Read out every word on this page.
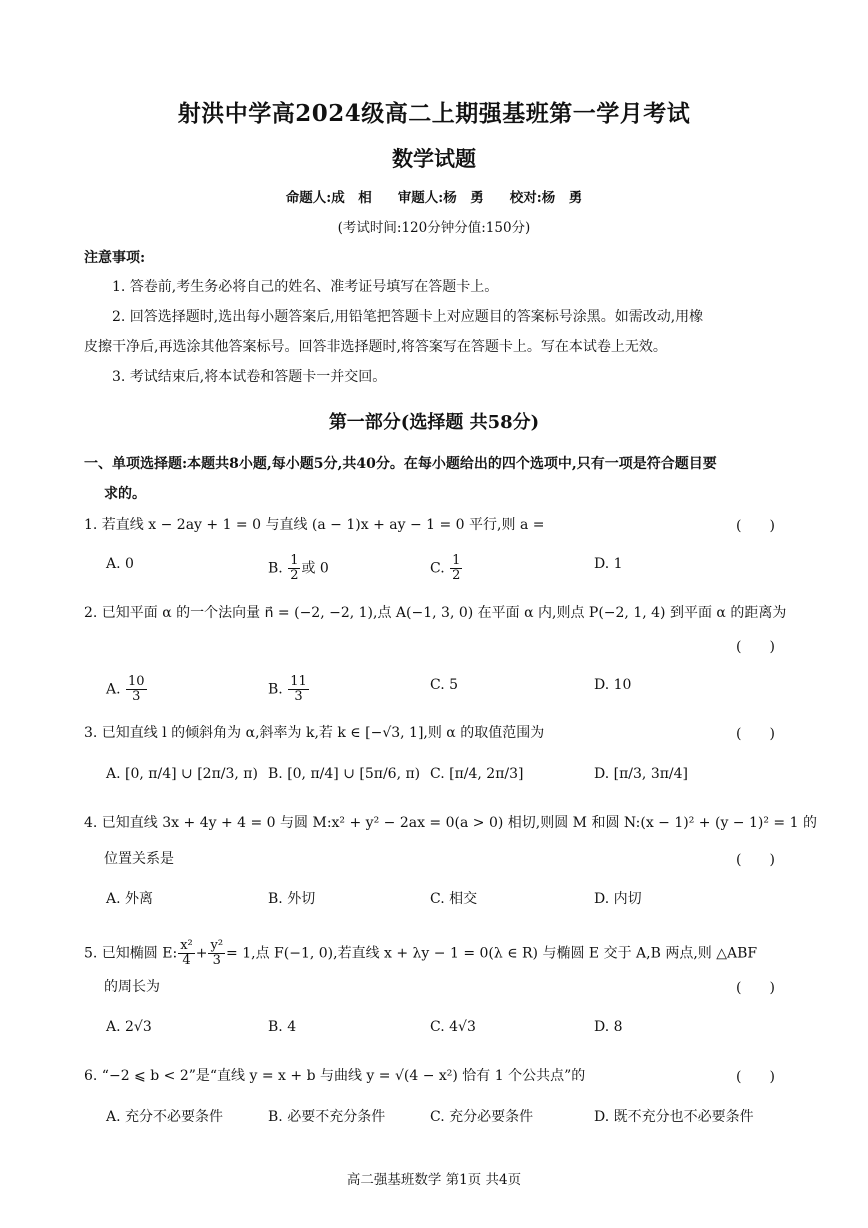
射洪中学高2024级高二上期强基班第一学月考试
数学试题
命题人:成　相 审题人:杨　勇 校对:杨　勇
(考试时间:120分钟分值:150分)
注意事项:
1. 答卷前,考生务必将自己的姓名、准考证号填写在答题卡上。
2. 回答选择题时,选出每小题答案后,用铅笔把答题卡上对应题目的答案标号涂黑。如需改动,用橡
皮擦干净后,再选涂其他答案标号。回答非选择题时,将答案写在答题卡上。写在本试卷上无效。
3. 考试结束后,将本试卷和答题卡一并交回。
第一部分(选择题 共58分)
一、单项选择题:本题共8小题,每小题5分,共40分。在每小题给出的四个选项中,只有一项是符合题目要
求的。
1. 若直线 x − 2ay + 1 = 0 与直线 (a − 1)x + ay − 1 = 0 平行,则 a =	(　　)
A. 0	B. $\frac{1}{2}$ 或 0	C. $\frac{1}{2}$	D. 1
2. 已知平面 α 的一个法向量 n⃗ = (−2, −2, 1),点 A(−1, 3, 0) 在平面 α 内,则点 P(−2, 1, 4) 到平面 α 的距离为
(　　)
A. $\frac{10}{3}$	B. $\frac{11}{3}$	C. 5	D. 10
3. 已知直线 l 的倾斜角为 α,斜率为 k,若 k ∈ [−√3, 1],则 α 的取值范围为	(　　)
A. [0, π/4] ∪ [2π/3, π) B. [0, π/4] ∪ [5π/6, π) C. [π/4, 2π/3]	D. [π/3, 3π/4]
4. 已知直线 3x + 4y + 4 = 0 与圆 M:x² + y² − 2ax = 0(a > 0) 相切,则圆 M 和圆 N:(x − 1)² + (y − 1)² = 1 的
位置关系是	(　　)
A. 外离	B. 外切	C. 相交	D. 内切
5. 已知椭圆 E: $\frac{\text{x²}}{4} + \frac{\text{y²}}{3} = 1$,点 F(−1, 0),若直线 x + λy − 1 = 0(λ ∈ R) 与椭圆 E 交于 A,B 两点,则 △ABF
的周长为	(　　)
A. 2√3	B. 4	C. 4√3	D. 8
6. “−2 ⩽ b < 2”是“直线 y = x + b 与曲线 y = √(4 − x²) 恰有 1 个公共点”的	(　　)
A. 充分不必要条件	B. 必要不充分条件	C. 充分必要条件	D. 既不充分也不必要条件
高二强基班数学 第1页 共4页
